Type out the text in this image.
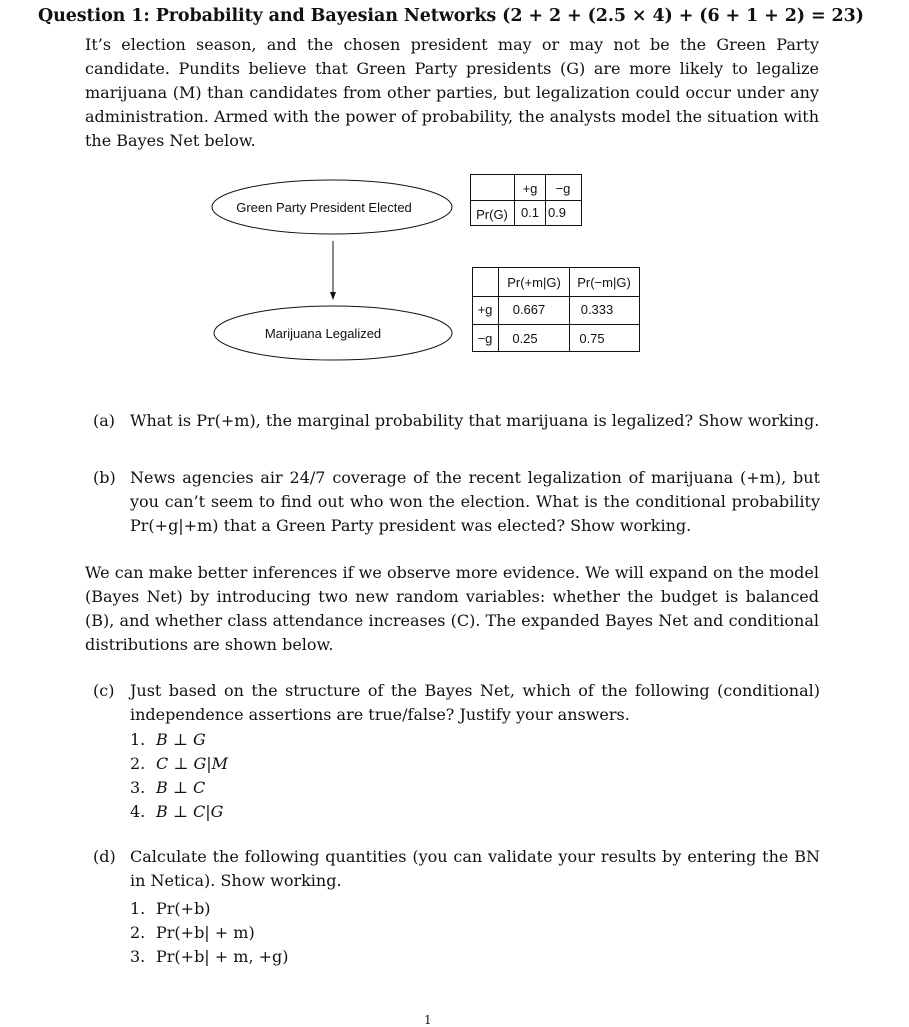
Question 1: Probability and Bayesian Networks (2 + 2 + (2.5 × 4) + (6 + 1 + 2) = 23)

It’s election season, and the chosen president may or may not be the Green Party candidate. Pundits believe that Green Party presidents (G) are more likely to legalize marijuana (M) than candidates from other parties, but legalization could occur under any administration. Armed with the power of probability, the analysts model the situation with the Bayes Net below.

Green Party President Elected
Marijuana Legalized
+g −g
Pr(G) 0.1 0.9
Pr(+m|G) Pr(−m|G)
+g 0.667	0.333
−g 0.25	0.75
(a) What is Pr(+m), the marginal probability that marijuana is legalized? Show working.
(b) News agencies air 24/7 coverage of the recent legalization of marijuana (+m), but you can’t seem to find out who won the election. What is the conditional probability Pr(+g|+m) that a Green Party president was elected? Show working.

We can make better inferences if we observe more evidence. We will expand on the model (Bayes Net) by introducing two new random variables: whether the budget is balanced (B), and whether class attendance increases (C). The expanded Bayes Net and conditional distributions are shown below.

(c) Just based on the structure of the Bayes Net, which of the following (conditional) independence assertions are true/false? Justify your answers.
1. B ⊥ G
2. C ⊥ G|M
3. B ⊥ C
4. B ⊥ C|G
(d) Calculate the following quantities (you can validate your results by entering the BN in Netica). Show working.
1. Pr(+b)
2. Pr(+b| + m)
3. Pr(+b| + m, +g)
1
